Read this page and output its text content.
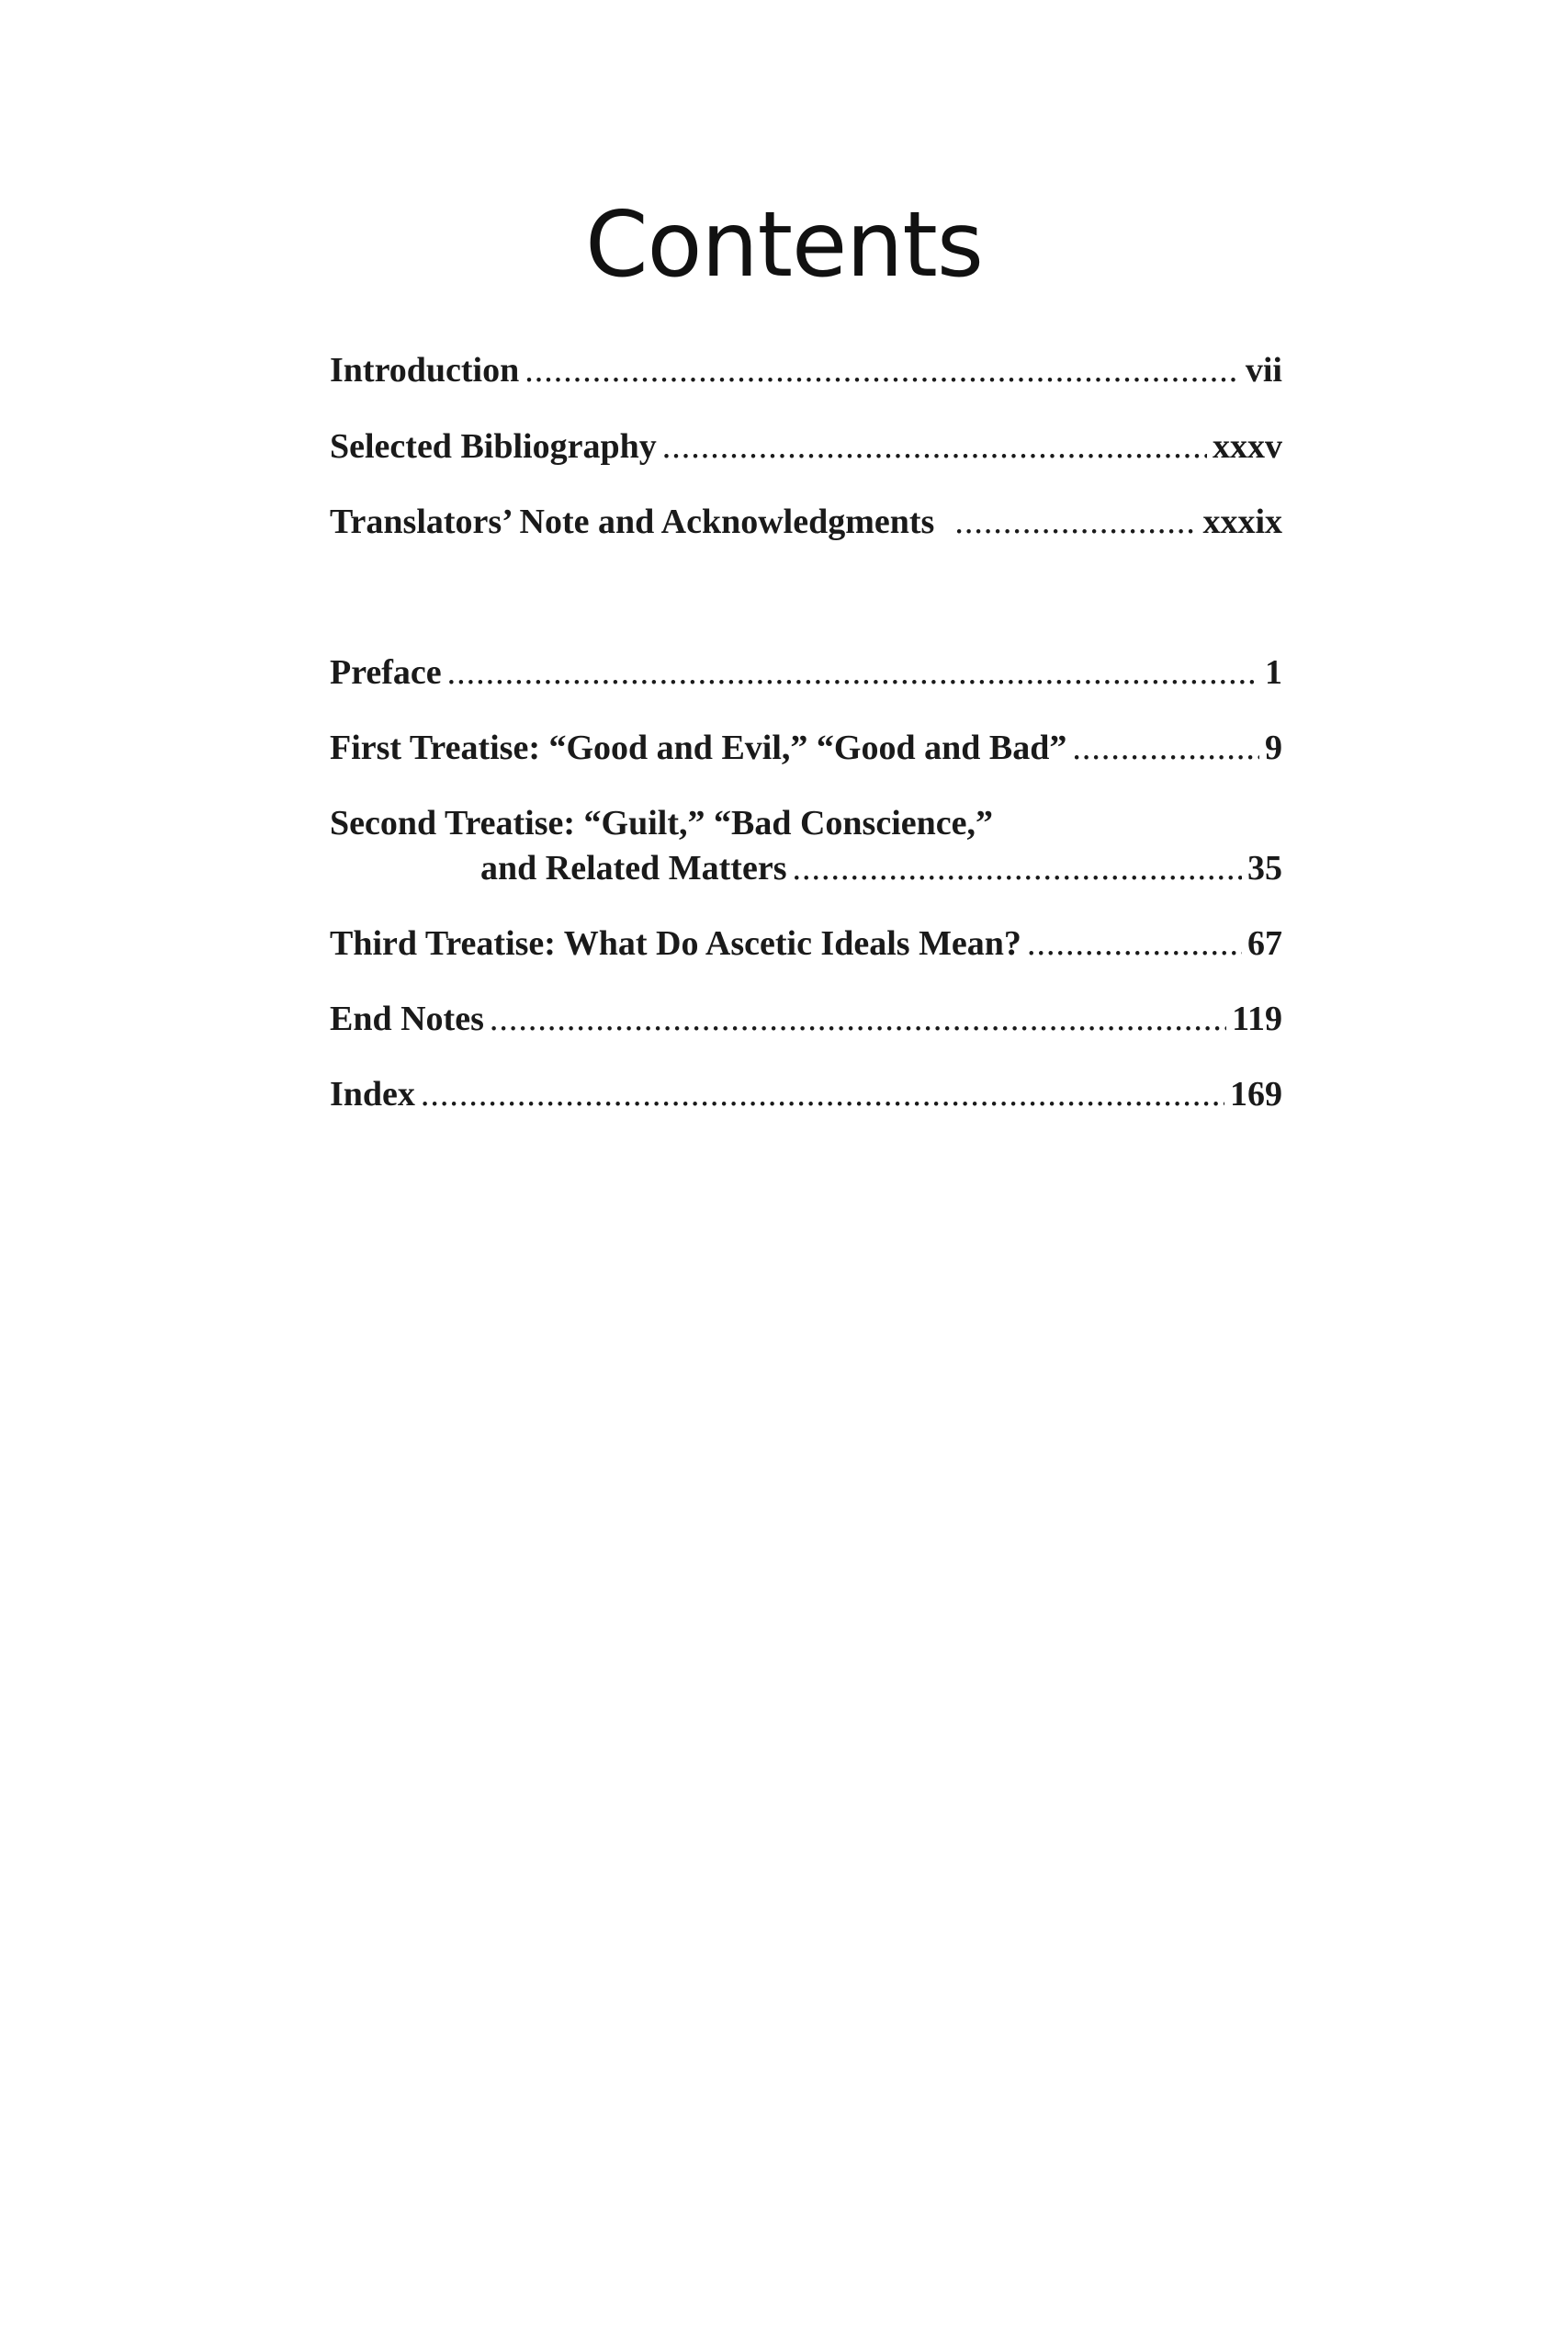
Contents
Introduction .....	vii
Selected Bibliography .....	xxxv
Translators’ Note and Acknowledgments .....	xxxix
Preface .....	1
First Treatise: “Good and Evil,” “Good and Bad” .....	9
Second Treatise: “Guilt,” “Bad Conscience,”
and Related Matters .....	35
Third Treatise: What Do Ascetic Ideals Mean? .....	67
End Notes .....	119
Index .....	169
